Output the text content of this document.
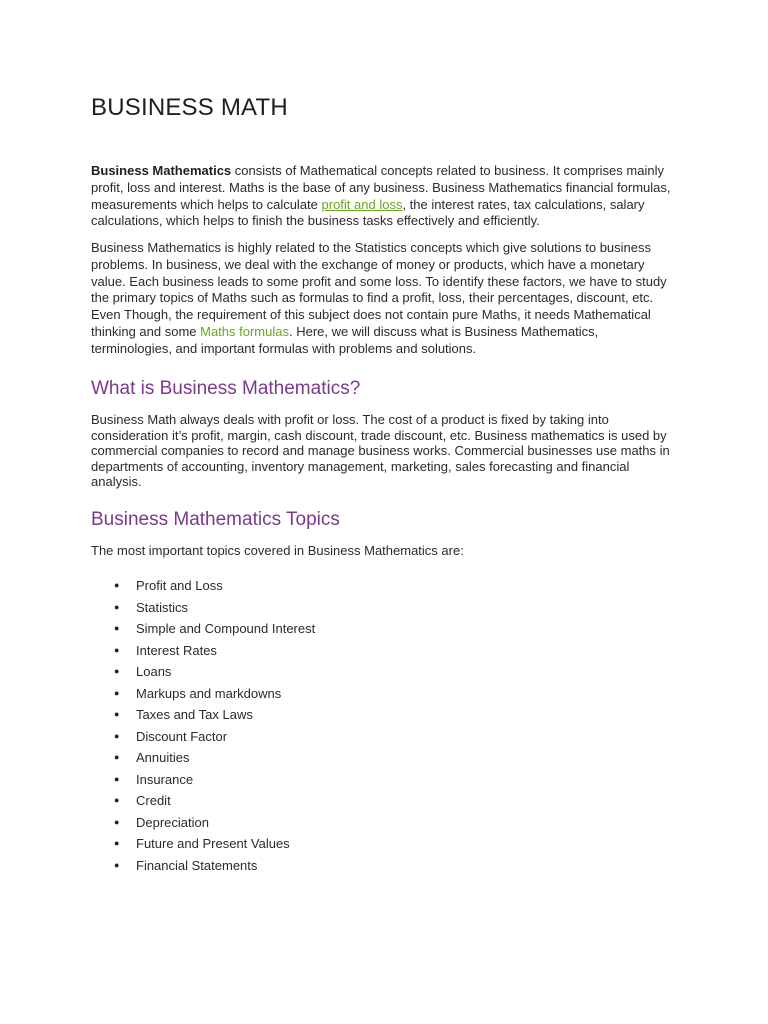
BUSINESS MATH

Business Mathematics consists of Mathematical concepts related to business. It comprises mainly profit, loss and interest. Maths is the base of any business. Business Mathematics financial formulas, measurements which helps to calculate profit and loss, the interest rates, tax calculations, salary calculations, which helps to finish the business tasks effectively and efficiently.

Business Mathematics is highly related to the Statistics concepts which give solutions to business problems. In business, we deal with the exchange of money or products, which have a monetary value. Each business leads to some profit and some loss. To identify these factors, we have to study the primary topics of Maths such as formulas to find a profit, loss, their percentages, discount, etc. Even Though, the requirement of this subject does not contain pure Maths, it needs Mathematical thinking and some Maths formulas. Here, we will discuss what is Business Mathematics, terminologies, and important formulas with problems and solutions.

What is Business Mathematics?

Business Math always deals with profit or loss. The cost of a product is fixed by taking into consideration it’s profit, margin, cash discount, trade discount, etc. Business mathematics is used by commercial companies to record and manage business works. Commercial businesses use maths in departments of accounting, inventory management, marketing, sales forecasting and financial analysis.

Business Mathematics Topics

The most important topics covered in Business Mathematics are:

● Profit and Loss
● Statistics
● Simple and Compound Interest
● Interest Rates
● Loans
● Markups and markdowns
● Taxes and Tax Laws
● Discount Factor
● Annuities
● Insurance
● Credit
● Depreciation
● Future and Present Values
● Financial Statements
